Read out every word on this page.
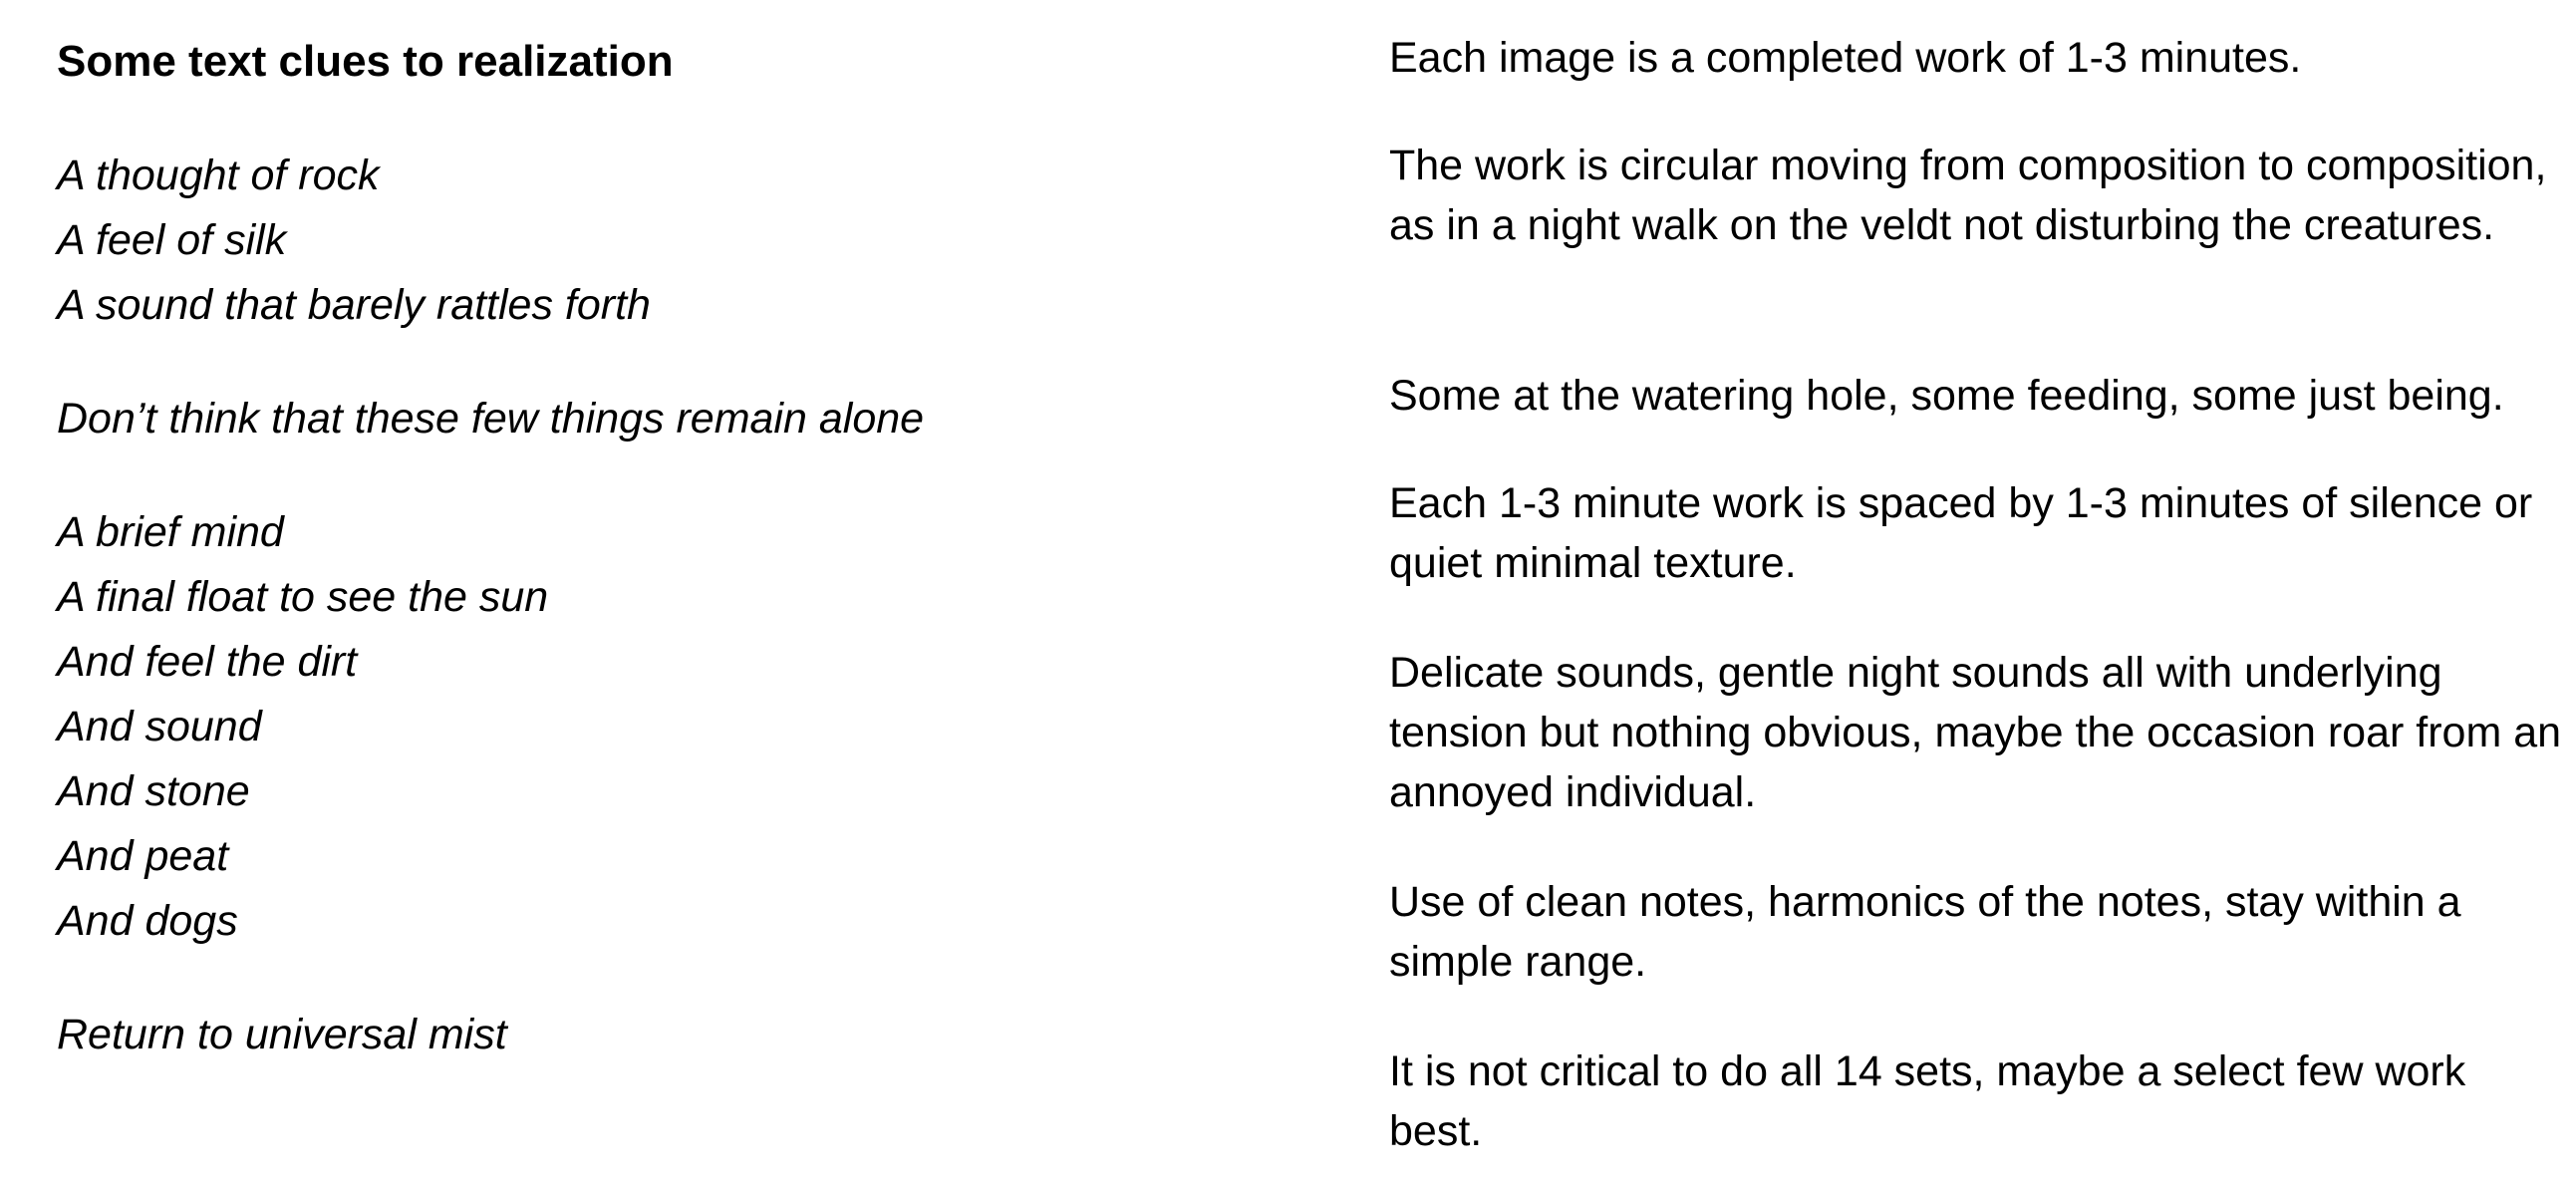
Some text clues to realization
A thought of rock
A feel of silk
A sound that barely rattles forth
Don’t think that these few things remain alone
A brief mind
A final float to see the sun
And feel the dirt
And sound
And stone
And peat
And dogs
Return to universal mist

Each image is a completed work of 1-3 minutes.

The work is circular moving from composition to composition, as in a night walk on the veldt not disturbing the creatures.

Some at the watering hole, some feeding, some just being.

Each 1-3 minute work is spaced by 1-3 minutes of silence or quiet minimal texture.

Delicate sounds, gentle night sounds all with underlying tension but nothing obvious, maybe the occasion roar from an annoyed individual.

Use of clean notes, harmonics of the notes, stay within a simple range.

It is not critical to do all 14 sets, maybe a select few work best.
